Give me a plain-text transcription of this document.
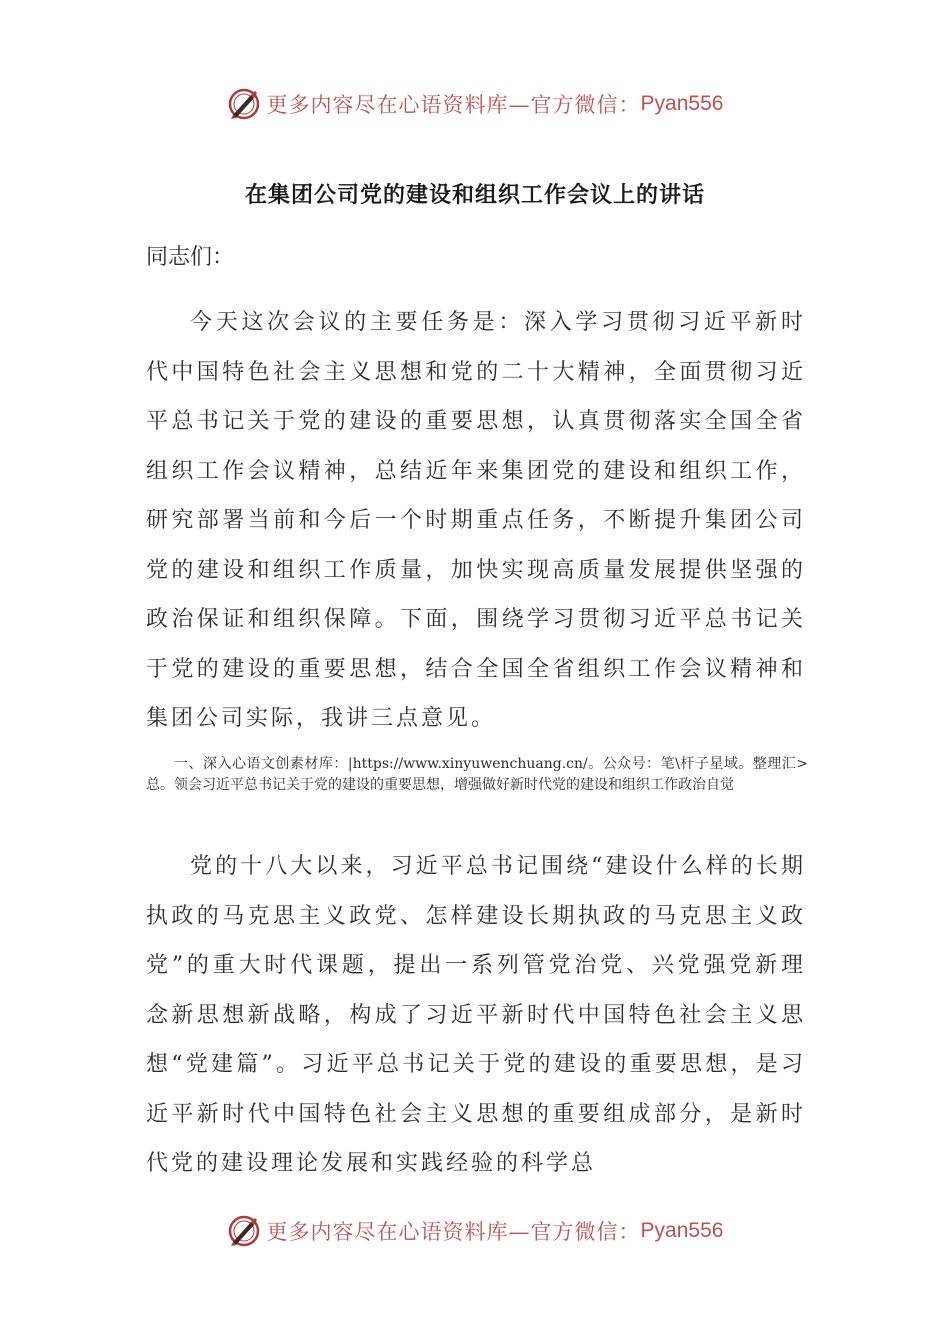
更多内容尽在心语资料库—官方微信： Pyan556
在集团公司党的建设和组织工作会议上的讲话

同志们：

今天这次会议的主要任务是：深入学习贯彻习近平新时代中国特色社会主义思想和党的二十大精神，全面贯彻习近平总书记关于党的建设的重要思想，认真贯彻落实全国全省组织工作会议精神，总结近年来集团党的建设和组织工作，研究部署当前和今后一个时期重点任务，不断提升集团公司党的建设和组织工作质量，加快实现高质量发展提供坚强的政治保证和组织保障。下面，围绕学习贯彻习近平总书记关于党的建设的重要思想，结合全国全省组织工作会议精神和集团公司实际，我讲三点意见。

一、深入心语文创素材库：|https://www.xinyuwenchuang.cn/。公众号：笔\杆子星域。整理汇>总。领会习近平总书记关于党的建设的重要思想，增强做好新时代党的建设和组织工作政治自觉

党的十八大以来，习近平总书记围绕“建设什么样的长期执政的马克思主义政党、怎样建设长期执政的马克思主义政党”的重大时代课题，提出一系列管党治党、兴党强党新理念新思想新战略，构成了习近平新时代中国特色社会主义思想“党建篇”。习近平总书记关于党的建设的重要思想，是习近平新时代中国特色社会主义思想的重要组成部分，是新时代党的建设理论发展和实践经验的科学总

更多内容尽在心语资料库—官方微信： Pyan556
